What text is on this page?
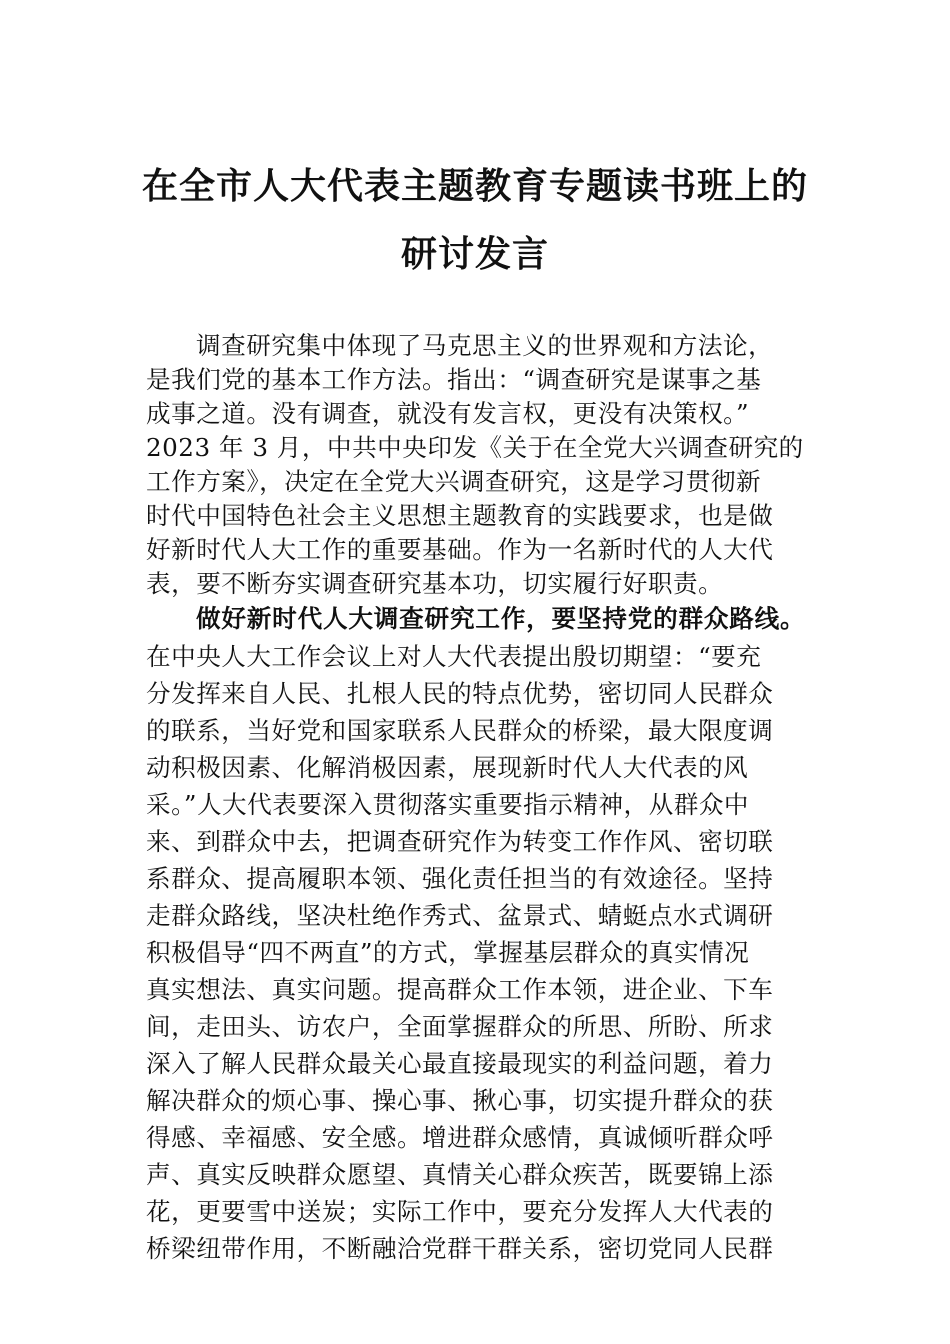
在全市人大代表主题教育专题读书班上的
研讨发言
调查研究集中体现了马克思主义的世界观和方法论，
是我们党的基本工作方法。指出：“调查研究是谋事之基
成事之道。没有调查，就没有发言权，更没有决策权。”
2023 年 3 月，中共中央印发《关于在全党大兴调查研究的
工作方案》，决定在全党大兴调查研究，这是学习贯彻新
时代中国特色社会主义思想主题教育的实践要求，也是做
好新时代人大工作的重要基础。作为一名新时代的人大代
表，要不断夯实调查研究基本功，切实履行好职责。
做好新时代人大调查研究工作，要坚持党的群众路线。
在中央人大工作会议上对人大代表提出殷切期望：“要充
分发挥来自人民、扎根人民的特点优势，密切同人民群众
的联系，当好党和国家联系人民群众的桥梁，最大限度调
动积极因素、化解消极因素，展现新时代人大代表的风
采。”人大代表要深入贯彻落实重要指示精神，从群众中
来、到群众中去，把调查研究作为转变工作作风、密切联
系群众、提高履职本领、强化责任担当的有效途径。坚持
走群众路线，坚决杜绝作秀式、盆景式、蜻蜓点水式调研
积极倡导“四不两直”的方式，掌握基层群众的真实情况
真实想法、真实问题。提高群众工作本领，进企业、下车
间，走田头、访农户，全面掌握群众的所思、所盼、所求
深入了解人民群众最关心最直接最现实的利益问题，着力
解决群众的烦心事、操心事、揪心事，切实提升群众的获
得感、幸福感、安全感。增进群众感情，真诚倾听群众呼
声、真实反映群众愿望、真情关心群众疾苦，既要锦上添
花，更要雪中送炭；实际工作中，要充分发挥人大代表的
桥梁纽带作用，不断融洽党群干群关系，密切党同人民群
